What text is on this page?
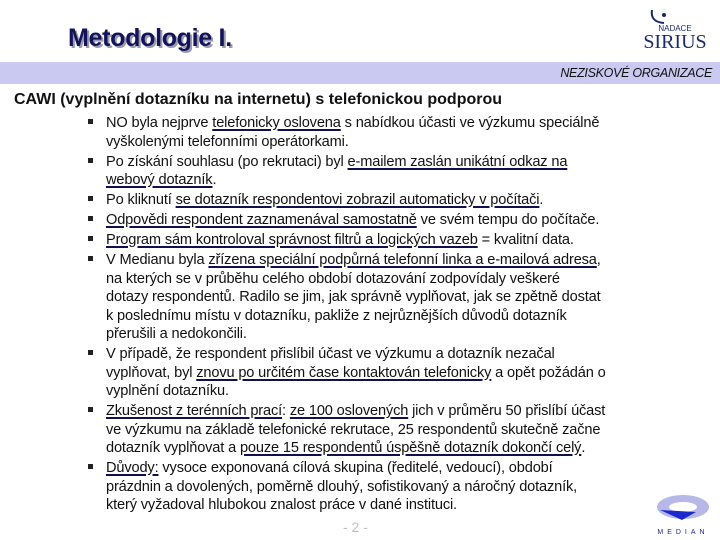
Metodologie I.	NADACE
SIRIUS
NEZISKOVÉ ORGANIZACE
CAWI (vyplnění dotazníku na internetu) s telefonickou podporou
NO byla nejprve telefonicky oslovena s nabídkou účasti ve výzkumu speciálně
vyškolenými telefonními operátorkami.
Po získání souhlasu (po rekrutaci) byl e-mailem zaslán unikátní odkaz na
webový dotazník.
Po kliknutí se dotazník respondentovi zobrazil automaticky v počítači.
Odpovědi respondent zaznamenával samostatně ve svém tempu do počítače.
Program sám kontroloval správnost filtrů a logických vazeb = kvalitní data.
V Medianu byla zřízena speciální podpůrná telefonní linka a e-mailová adresa,
na kterých se v průběhu celého období dotazování zodpovídaly veškeré
dotazy respondentů. Radilo se jim, jak správně vyplňovat, jak se zpětně dostat
k poslednímu místu v dotazníku, pakliže z nejrůznějších důvodů dotazník
přerušili a nedokončili.
V případě, že respondent přislíbil účast ve výzkumu a dotazník nezačal
vyplňovat, byl znovu po určitém čase kontaktován telefonicky a opět požádán o
vyplnění dotazníku.
Zkušenost z terénních prací: ze 100 oslovených jich v průměru 50 přislíbí účast
ve výzkumu na základě telefonické rekrutace, 25 respondentů skutečně začne
dotazník vyplňovat a pouze 15 respondentů úspěšně dotazník dokončí celý.
Důvody: vysoce exponovaná cílová skupina (ředitelé, vedoucí), období
prázdnin a dovolených, poměrně dlouhý, sofistikovaný a náročný dotazník,
který vyžadoval hlubokou znalost práce v dané instituci.
- 2 -	MEDIAN
